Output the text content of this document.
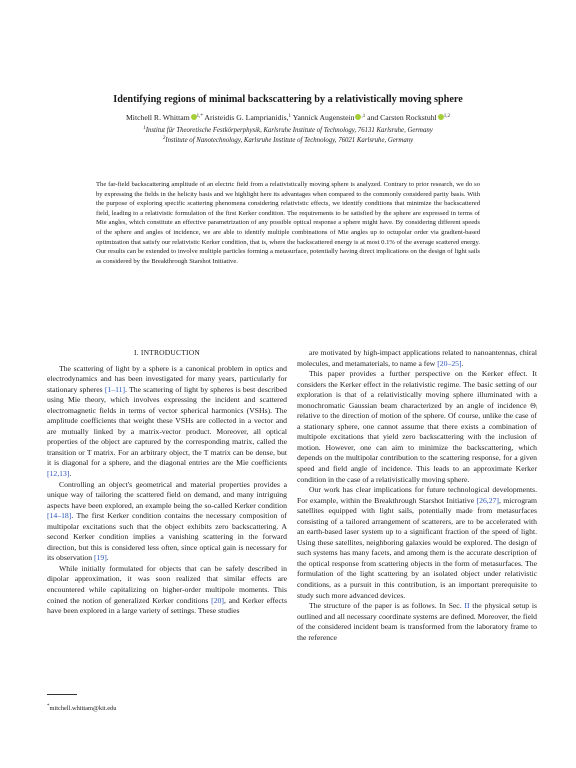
Identifying regions of minimal backscattering by a relativistically moving sphere
Mitchell R. Whittam $^{1,*}$ Aristeidis G. Lamprianidis,$^1$ Yannick Augenstein $^{,1}$ and Carsten Rockstuhl $^{1,2}$
$^1$Institut für Theoretische Festkörperphysik, Karlsruhe Institute of Technology, 76131 Karlsruhe, Germany
$^2$Institute of Nanotechnology, Karlsruhe Institute of Technology, 76021 Karlsruhe, Germany
The far-field backscattering amplitude of an electric field from a relativistically moving sphere is analyzed. Contrary to prior research, we do so by expressing the fields in the helicity basis and we highlight here its advantages when compared to the commonly considered parity basis. With the purpose of exploring specific scattering phenomena considering relativistic effects, we identify conditions that minimize the backscattered field, leading to a relativistic formulation of the first Kerker condition. The requirements to be satisfied by the sphere are expressed in terms of Mie angles, which constitute an effective parametrization of any possible optical response a sphere might have. By considering different speeds of the sphere and angles of incidence, we are able to identify multiple combinations of Mie angles up to octupolar order via gradient-based optimization that satisfy our relativistic Kerker condition, that is, where the backscattered energy is at most 0.1% of the average scattered energy. Our results can be extended to involve multiple particles forming a metasurface, potentially having direct implications on the design of light sails as considered by the Breakthrough Starshot Initiative.
I. INTRODUCTION

The scattering of light by a sphere is a canonical problem in optics and electrodynamics and has been investigated for many years, particularly for stationary spheres [1–11]. The scattering of light by spheres is best described using Mie theory, which involves expressing the incident and scattered electromagnetic fields in terms of vector spherical harmonics (VSHs). The amplitude coefficients that weight these VSHs are collected in a vector and are mutually linked by a matrix-vector product. Moreover, all optical properties of the object are captured by the corresponding matrix, called the transition or T matrix. For an arbitrary object, the T matrix can be dense, but it is diagonal for a sphere, and the diagonal entries are the Mie coefficients [12,13].

Controlling an object's geometrical and material properties provides a unique way of tailoring the scattered field on demand, and many intriguing aspects have been explored, an example being the so-called Kerker condition [14–18]. The first Kerker condition contains the necessary composition of multipolar excitations such that the object exhibits zero backscattering. A second Kerker condition implies a vanishing scattering in the forward direction, but this is considered less often, since optical gain is necessary for its observation [19].

While initially formulated for objects that can be safely described in dipolar approximation, it was soon realized that similar effects are encountered while capitalizing on higher-order multipole moments. This coined the notion of generalized Kerker conditions [20], and Kerker effects have been explored in a large variety of settings. These studies

are motivated by high-impact applications related to nanoantennas, chiral molecules, and metamaterials, to name a few [20–25].

This paper provides a further perspective on the Kerker effect. It considers the Kerker effect in the relativistic regime. The basic setting of our exploration is that of a relativistically moving sphere illuminated with a monochromatic Gaussian beam characterized by an angle of incidence Θᵢ relative to the direction of motion of the sphere. Of course, unlike the case of a stationary sphere, one cannot assume that there exists a combination of multipole excitations that yield zero backscattering with the inclusion of motion. However, one can aim to minimize the backscattering, which depends on the multipolar contribution to the scattering response, for a given speed and field angle of incidence. This leads to an approximate Kerker condition in the case of a relativistically moving sphere.

Our work has clear implications for future technological developments. For example, within the Breakthrough Starshot Initiative [26,27], microgram satellites equipped with light sails, potentially made from metasurfaces consisting of a tailored arrangement of scatterers, are to be accelerated with an earth-based laser system up to a significant fraction of the speed of light. Using these satellites, neighboring galaxies would be explored. The design of such systems has many facets, and among them is the accurate description of the optical response from scattering objects in the form of metasurfaces. The formulation of the light scattering by an isolated object under relativistic conditions, as a pursuit in this contribution, is an important prerequisite to study such more advanced devices.

The structure of the paper is as follows. In Sec. II the physical setup is outlined and all necessary coordinate systems are defined. Moreover, the field of the considered incident beam is transformed from the laboratory frame to the reference

*mitchell.whittam@kit.edu
